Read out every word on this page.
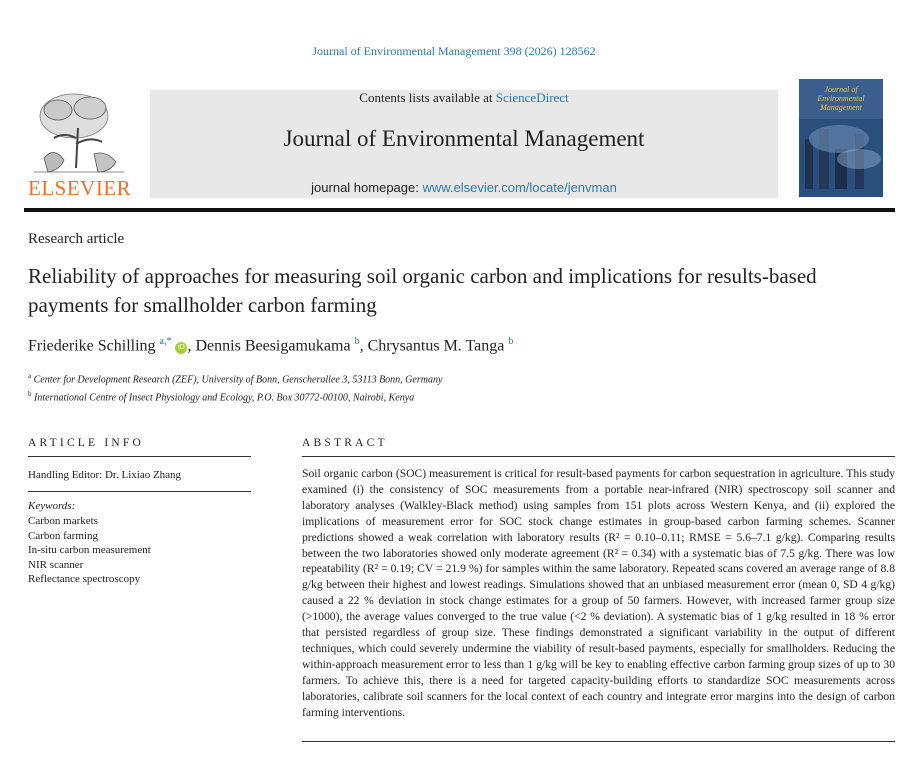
Journal of Environmental Management 398 (2026) 128562
ELSEVIER
Contents lists available at ScienceDirect
Journal of Environmental Management
journal homepage: www.elsevier.com/locate/jenvman
Journal of Environmental Management
Research article
Reliability of approaches for measuring soil organic carbon and implications for results-based payments for smallholder carbon farming
Friederike Schilling $^{a,*}$ iD , Dennis Beesigamukama $^b$, Chrysantus M. Tanga $^b$
$^a$ Center for Development Research (ZEF), University of Bonn, Genscherallee 3, 53113 Bonn, Germany
$^b$ International Centre of Insect Physiology and Ecology, P.O. Box 30772-00100, Nairobi, Kenya
ARTICLE INFO	ABSTRACT
Handling Editor: Dr. Lixiao Zhang
Keywords:
Carbon markets
Carbon farming
In-situ carbon measurement
NIR scanner
Reflectance spectroscopy

Soil organic carbon (SOC) measurement is critical for result-based payments for carbon sequestration in agriculture. This study examined (i) the consistency of SOC measurements from a portable near-infrared (NIR) spectroscopy soil scanner and laboratory analyses (Walkley-Black method) using samples from 151 plots across Western Kenya, and (ii) explored the implications of measurement error for SOC stock change estimates in group-based carbon farming schemes. Scanner predictions showed a weak correlation with laboratory results (R² = 0.10–0.11; RMSE = 5.6–7.1 g/kg). Comparing results between the two laboratories showed only moderate agreement (R² = 0.34) with a systematic bias of 7.5 g/kg. There was low repeatability (R² = 0.19; CV = 21.9 %) for samples within the same laboratory. Repeated scans covered an average range of 8.8 g/kg between their highest and lowest readings. Simulations showed that an unbiased measurement error (mean 0, SD 4 g/kg) caused a 22 % deviation in stock change estimates for a group of 50 farmers. However, with increased farmer group size (>1000), the average values converged to the true value (<2 % deviation). A systematic bias of 1 g/kg resulted in 18 % error that persisted regardless of group size. These findings demonstrated a significant variability in the output of different techniques, which could severely undermine the viability of result-based payments, especially for smallholders. Reducing the within-approach measurement error to less than 1 g/kg will be key to enabling effective carbon farming group sizes of up to 30 farmers. To achieve this, there is a need for targeted capacity-building efforts to standardize SOC measurements across laboratories, calibrate soil scanners for the local context of each country and integrate error margins into the design of carbon farming interventions.
